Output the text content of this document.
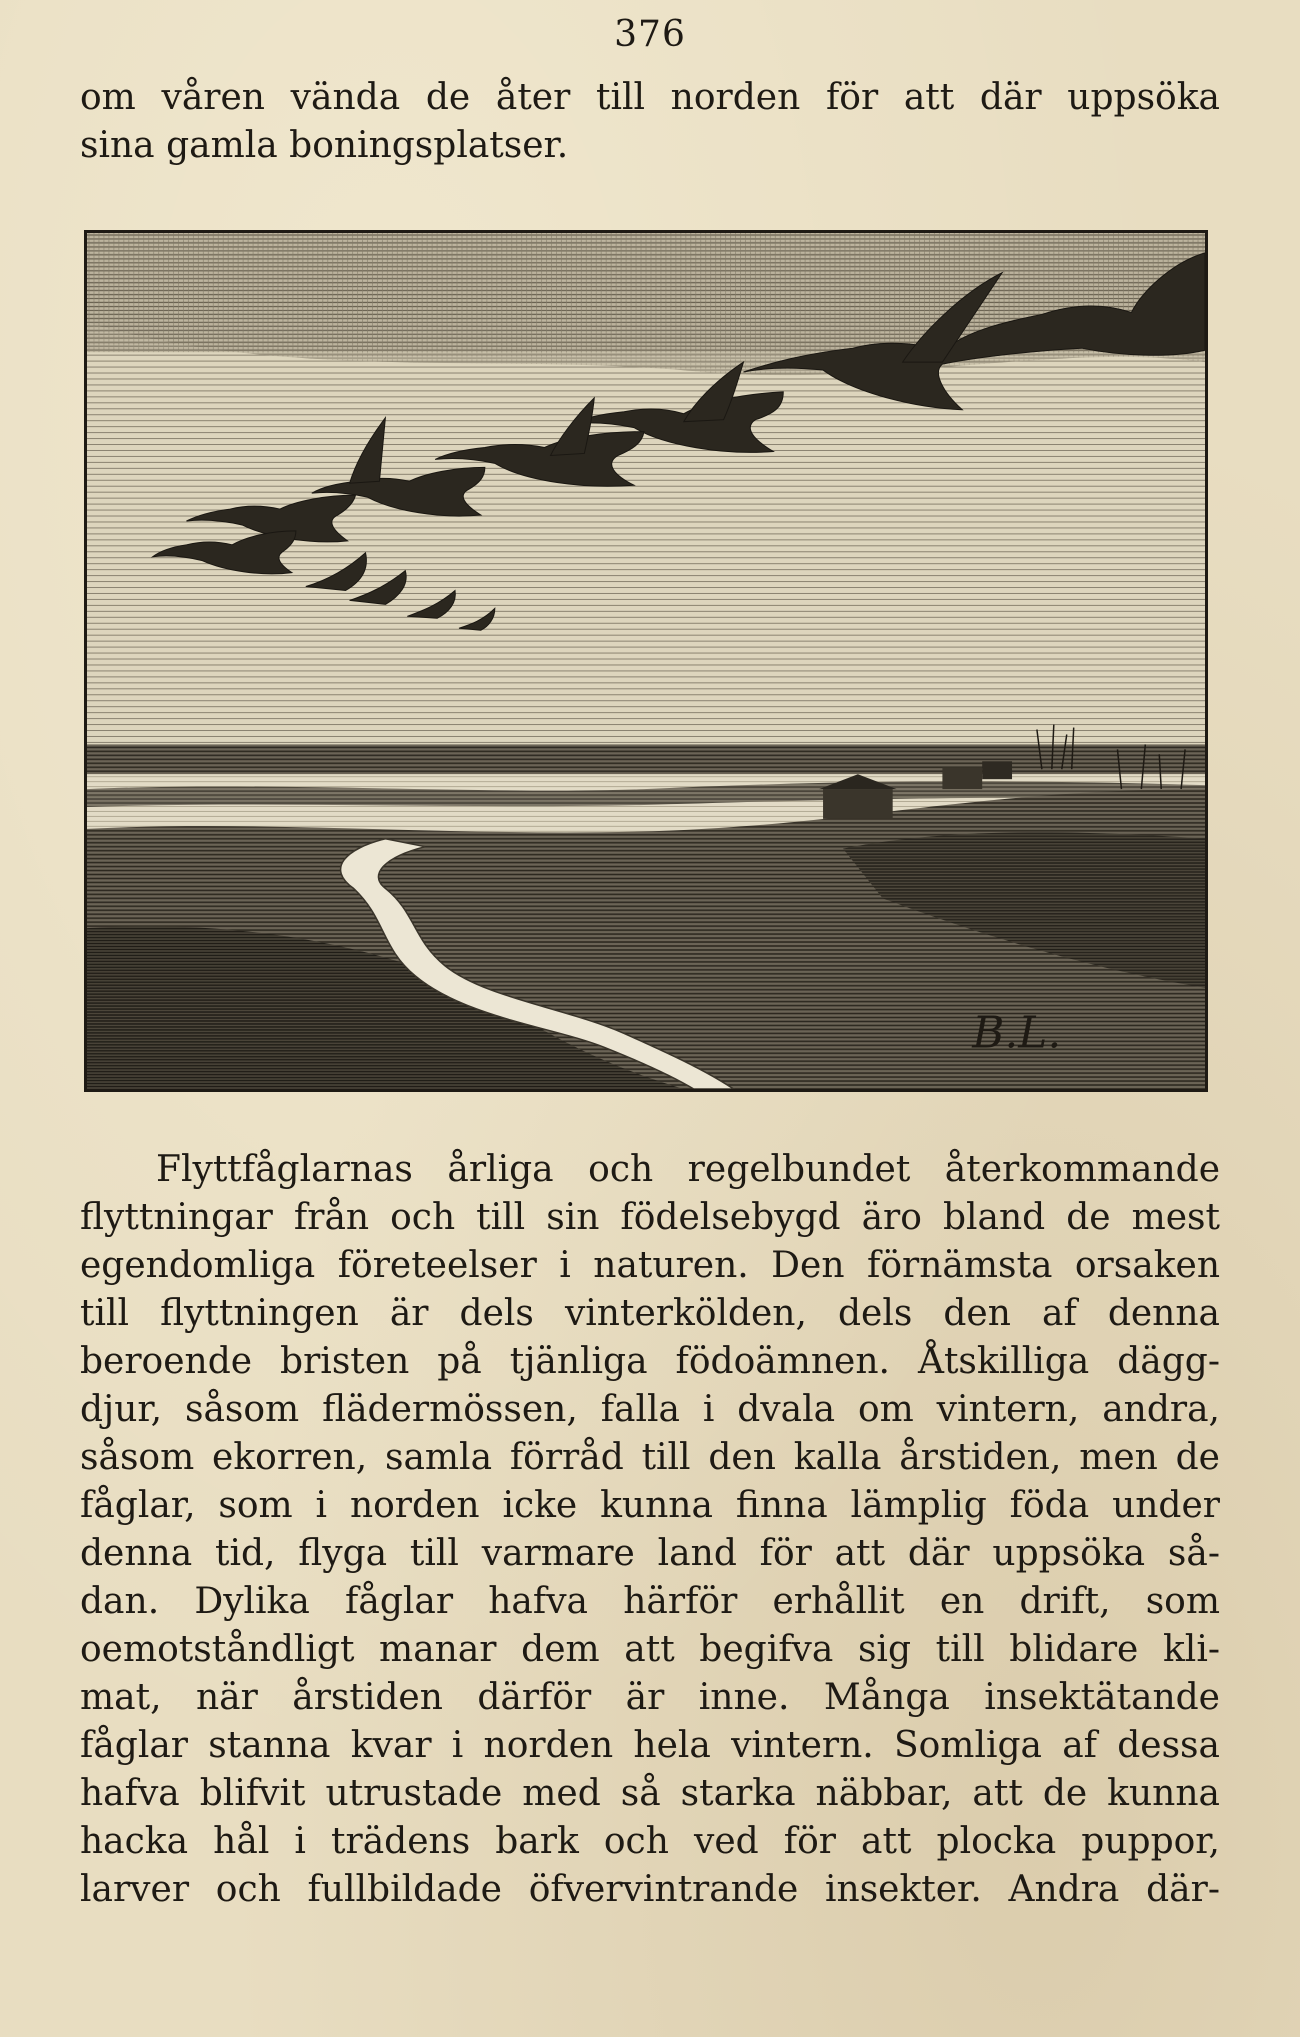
376
om våren vända de åter till norden för att där uppsöka
sina gamla boningsplatser.
B.L.
Flyttfåglarnas årliga och regelbundet återkommande
flyttningar från och till sin födelsebygd äro bland de mest
egendomliga företeelser i naturen. Den förnämsta orsaken
till flyttningen är dels vinterkölden, dels den af denna
beroende bristen på tjänliga födoämnen. Åtskilliga dägg-
djur, såsom flädermössen, falla i dvala om vintern, andra,
såsom ekorren, samla förråd till den kalla årstiden, men de
fåglar, som i norden icke kunna finna lämplig föda under
denna tid, flyga till varmare land för att där uppsöka så-
dan. Dylika fåglar hafva härför erhållit en drift, som
oemotståndligt manar dem att begifva sig till blidare kli-
mat, när årstiden därför är inne. Många insektätande
fåglar stanna kvar i norden hela vintern. Somliga af dessa
hafva blifvit utrustade med så starka näbbar, att de kunna
hacka hål i trädens bark och ved för att plocka puppor,
larver och fullbildade öfvervintrande insekter. Andra där-
